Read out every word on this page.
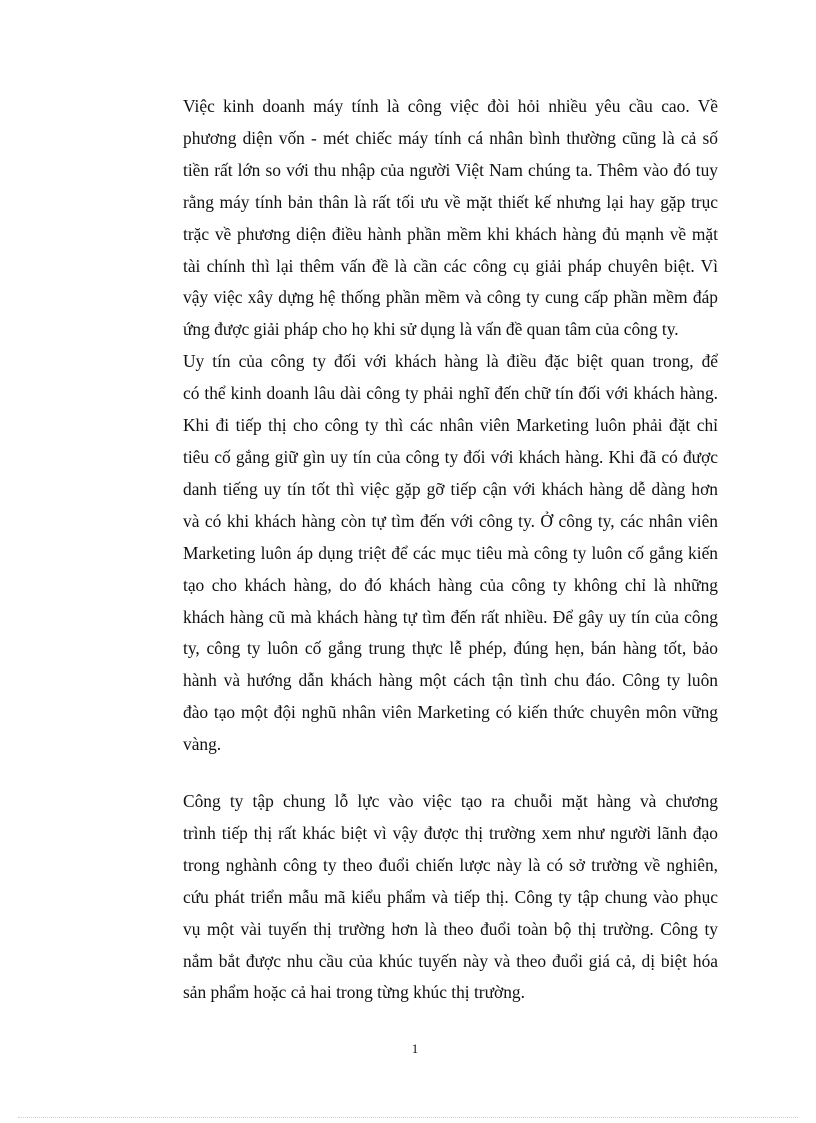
Việc kinh doanh máy tính là công việc đòi hỏi nhiều yêu cầu cao. Về
phương diện vốn - mét chiếc máy tính cá nhân bình thường cũng là cả số
tiền rất lớn so với thu nhập của người Việt Nam chúng ta. Thêm vào đó tuy
rằng máy tính bản thân là rất tối ưu về mặt thiết kế nhưng lại hay gặp trục
trặc về phương diện điều hành phần mềm khi khách hàng đủ mạnh về mặt
tài chính thì lại thêm vấn đề là cần các công cụ giải pháp chuyên biệt. Vì
vậy việc xây dựng hệ thống phần mềm và công ty cung cấp phần mềm đáp
ứng được giải pháp cho họ khi sử dụng là vấn đề quan tâm của công ty.

Uy tín của công ty đối với khách hàng là điều đặc biệt quan trong, để
có thể kinh doanh lâu dài công ty phải nghĩ đến chữ tín đối với khách hàng.
Khi đi tiếp thị cho công ty thì các nhân viên Marketing luôn phải đặt chỉ
tiêu cố gắng giữ gìn uy tín của công ty đối với khách hàng. Khi đã có được
danh tiếng uy tín tốt thì việc gặp gỡ tiếp cận với khách hàng dễ dàng hơn
và có khi khách hàng còn tự tìm đến với công ty. Ở công ty, các nhân viên
Marketing luôn áp dụng triệt để các mục tiêu mà công ty luôn cố gắng kiến
tạo cho khách hàng, do đó khách hàng của công ty không chỉ là những
khách hàng cũ mà khách hàng tự tìm đến rất nhiều. Để gây uy tín của công
ty, công ty luôn cố gắng trung thực lễ phép, đúng hẹn, bán hàng tốt, bảo
hành và hướng dẫn khách hàng một cách tận tình chu đáo. Công ty luôn
đào tạo một đội nghũ nhân viên Marketing có kiến thức chuyên môn vững
vàng.

Công ty tập chung lỗ lực vào việc tạo ra chuỗi mặt hàng và chương
trình tiếp thị rất khác biệt vì vậy được thị trường xem như người lãnh đạo
trong nghành công ty theo đuổi chiến lược này là có sở trường về nghiên,
cứu phát triển mẫu mã kiểu phẩm và tiếp thị. Công ty tập chung vào phục
vụ một vài tuyến thị trường hơn là theo đuổi toàn bộ thị trường. Công ty
nắm bắt được nhu cầu của khúc tuyến này và theo đuổi giá cả, dị biệt hóa
sản phẩm hoặc cả hai trong từng khúc thị trường.

1
